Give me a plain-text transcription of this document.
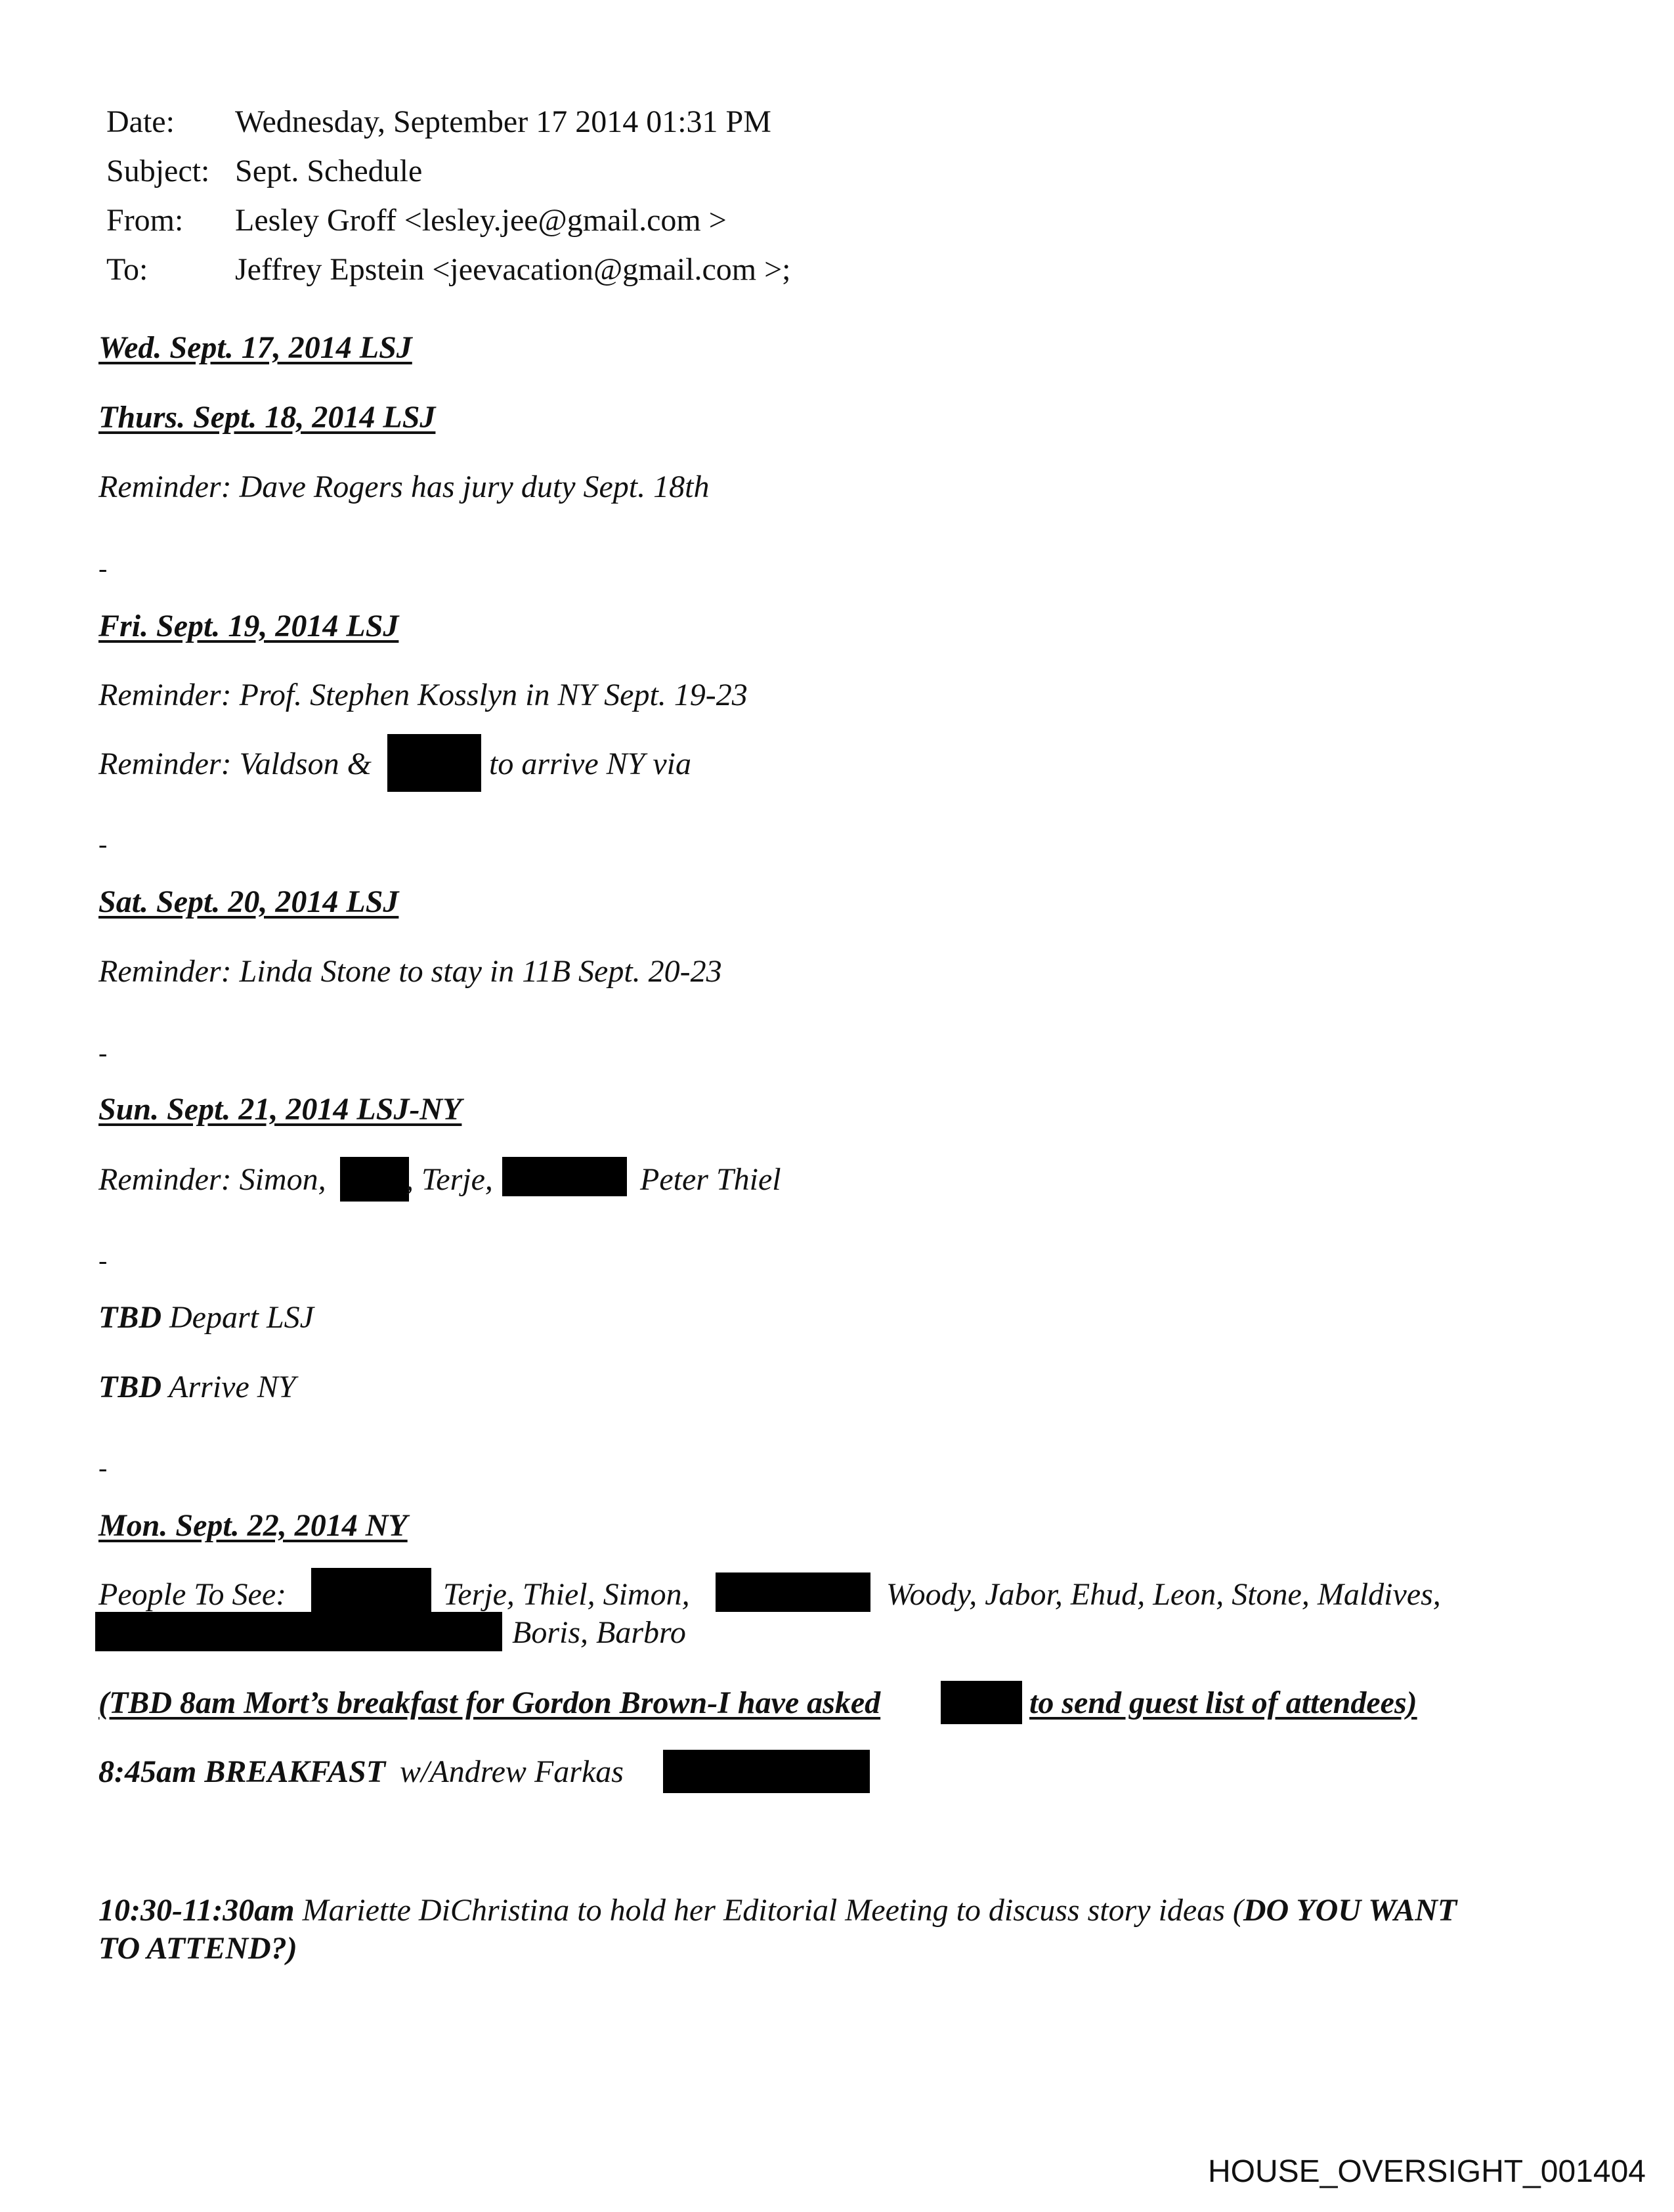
Date: Wednesday, September 17 2014 01:31 PM
Subject: Sept. Schedule
From: Lesley Groff <lesley.jee@gmail.com >
To:	Jeffrey Epstein <jeevacation@gmail.com >;
Wed. Sept. 17, 2014 LSJ
Thurs. Sept. 18, 2014 LSJ
Reminder: Dave Rogers has jury duty Sept. 18th
-
Fri. Sept. 19, 2014 LSJ
Reminder: Prof. Stephen Kosslyn in NY Sept. 19-23
Reminder: Valdson &	to arrive NY via
-
Sat. Sept. 20, 2014 LSJ
Reminder: Linda Stone to stay in 11B Sept. 20-23
-
Sun. Sept. 21, 2014 LSJ-NY
Reminder: Simon,	, Terje,	Peter Thiel
-
TBD Depart LSJ
TBD Arrive NY
-
Mon. Sept. 22, 2014 NY
People To See:	Terje, Thiel, Simon,	Woody, Jabor, Ehud, Leon, Stone, Maldives,
Boris, Barbro
(TBD 8am Mort’s breakfast for Gordon Brown-I have asked	to send guest list of attendees)
8:45am BREAKFAST w/Andrew Farkas
10:30-11:30am Mariette DiChristina to hold her Editorial Meeting to discuss story ideas (DO YOU WANT
TO ATTEND?)
HOUSE_OVERSIGHT_001404
